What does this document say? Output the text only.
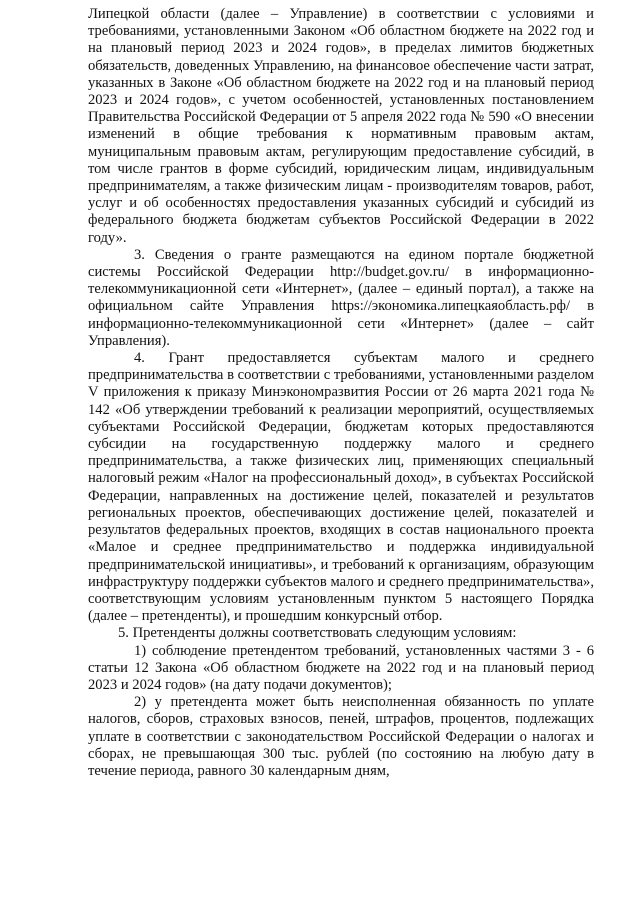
Липецкой области (далее – Управление) в соответствии с условиями и требованиями, установленными Законом «Об областном бюджете на 2022 год и на плановый период 2023 и 2024 годов», в пределах лимитов бюджетных обязательств, доведенных Управлению, на финансовое обеспечение части затрат, указанных в Законе «Об областном бюджете на 2022 год и на плановый период 2023 и 2024 годов», с учетом особенностей, установленных постановлением Правительства Российской Федерации от 5 апреля 2022 года № 590 «О внесении изменений в общие требования к нормативным правовым актам, муниципальным правовым актам, регулирующим предоставление субсидий, в том числе грантов в форме субсидий, юридическим лицам, индивидуальным предпринимателям, а также физическим лицам - производителям товаров, работ, услуг и об особенностях предоставления указанных субсидий и субсидий из федерального бюджета бюджетам субъектов Российской Федерации в 2022 году».

3. Сведения о гранте размещаются на едином портале бюджетной системы Российской Федерации http://budget.gov.ru/ в информационно-телекоммуникационной сети «Интернет», (далее – единый портал), а также на официальном сайте Управления https://экономика.липецкаяобласть.рф/ в информационно-телекоммуникационной сети «Интернет» (далее – сайт Управления).

4. Грант предоставляется субъектам малого и среднего предпринимательства в соответствии с требованиями, установленными разделом V приложения к приказу Минэкономразвития России от 26 марта 2021 года № 142 «Об утверждении требований к реализации мероприятий, осуществляемых субъектами Российской Федерации, бюджетам которых предоставляются субсидии на государственную поддержку малого и среднего предпринимательства, а также физических лиц, применяющих специальный налоговый режим «Налог на профессиональный доход», в субъектах Российской Федерации, направленных на достижение целей, показателей и результатов региональных проектов, обеспечивающих достижение целей, показателей и результатов федеральных проектов, входящих в состав национального проекта «Малое и среднее предпринимательство и поддержка индивидуальной предпринимательской инициативы», и требований к организациям, образующим инфраструктуру поддержки субъектов малого и среднего предпринимательства», соответствующим условиям установленным пунктом 5 настоящего Порядка (далее – претенденты), и прошедшим конкурсный отбор.

5. Претенденты должны соответствовать следующим условиям:

1) соблюдение претендентом требований, установленных частями 3 - 6 статьи 12 Закона «Об областном бюджете на 2022 год и на плановый период 2023 и 2024 годов» (на дату подачи документов);

2) у претендента может быть неисполненная обязанность по уплате налогов, сборов, страховых взносов, пеней, штрафов, процентов, подлежащих уплате в соответствии с законодательством Российской Федерации о налогах и сборах, не превышающая 300 тыс. рублей (по состоянию на любую дату в течение периода, равного 30 календарным дням,
